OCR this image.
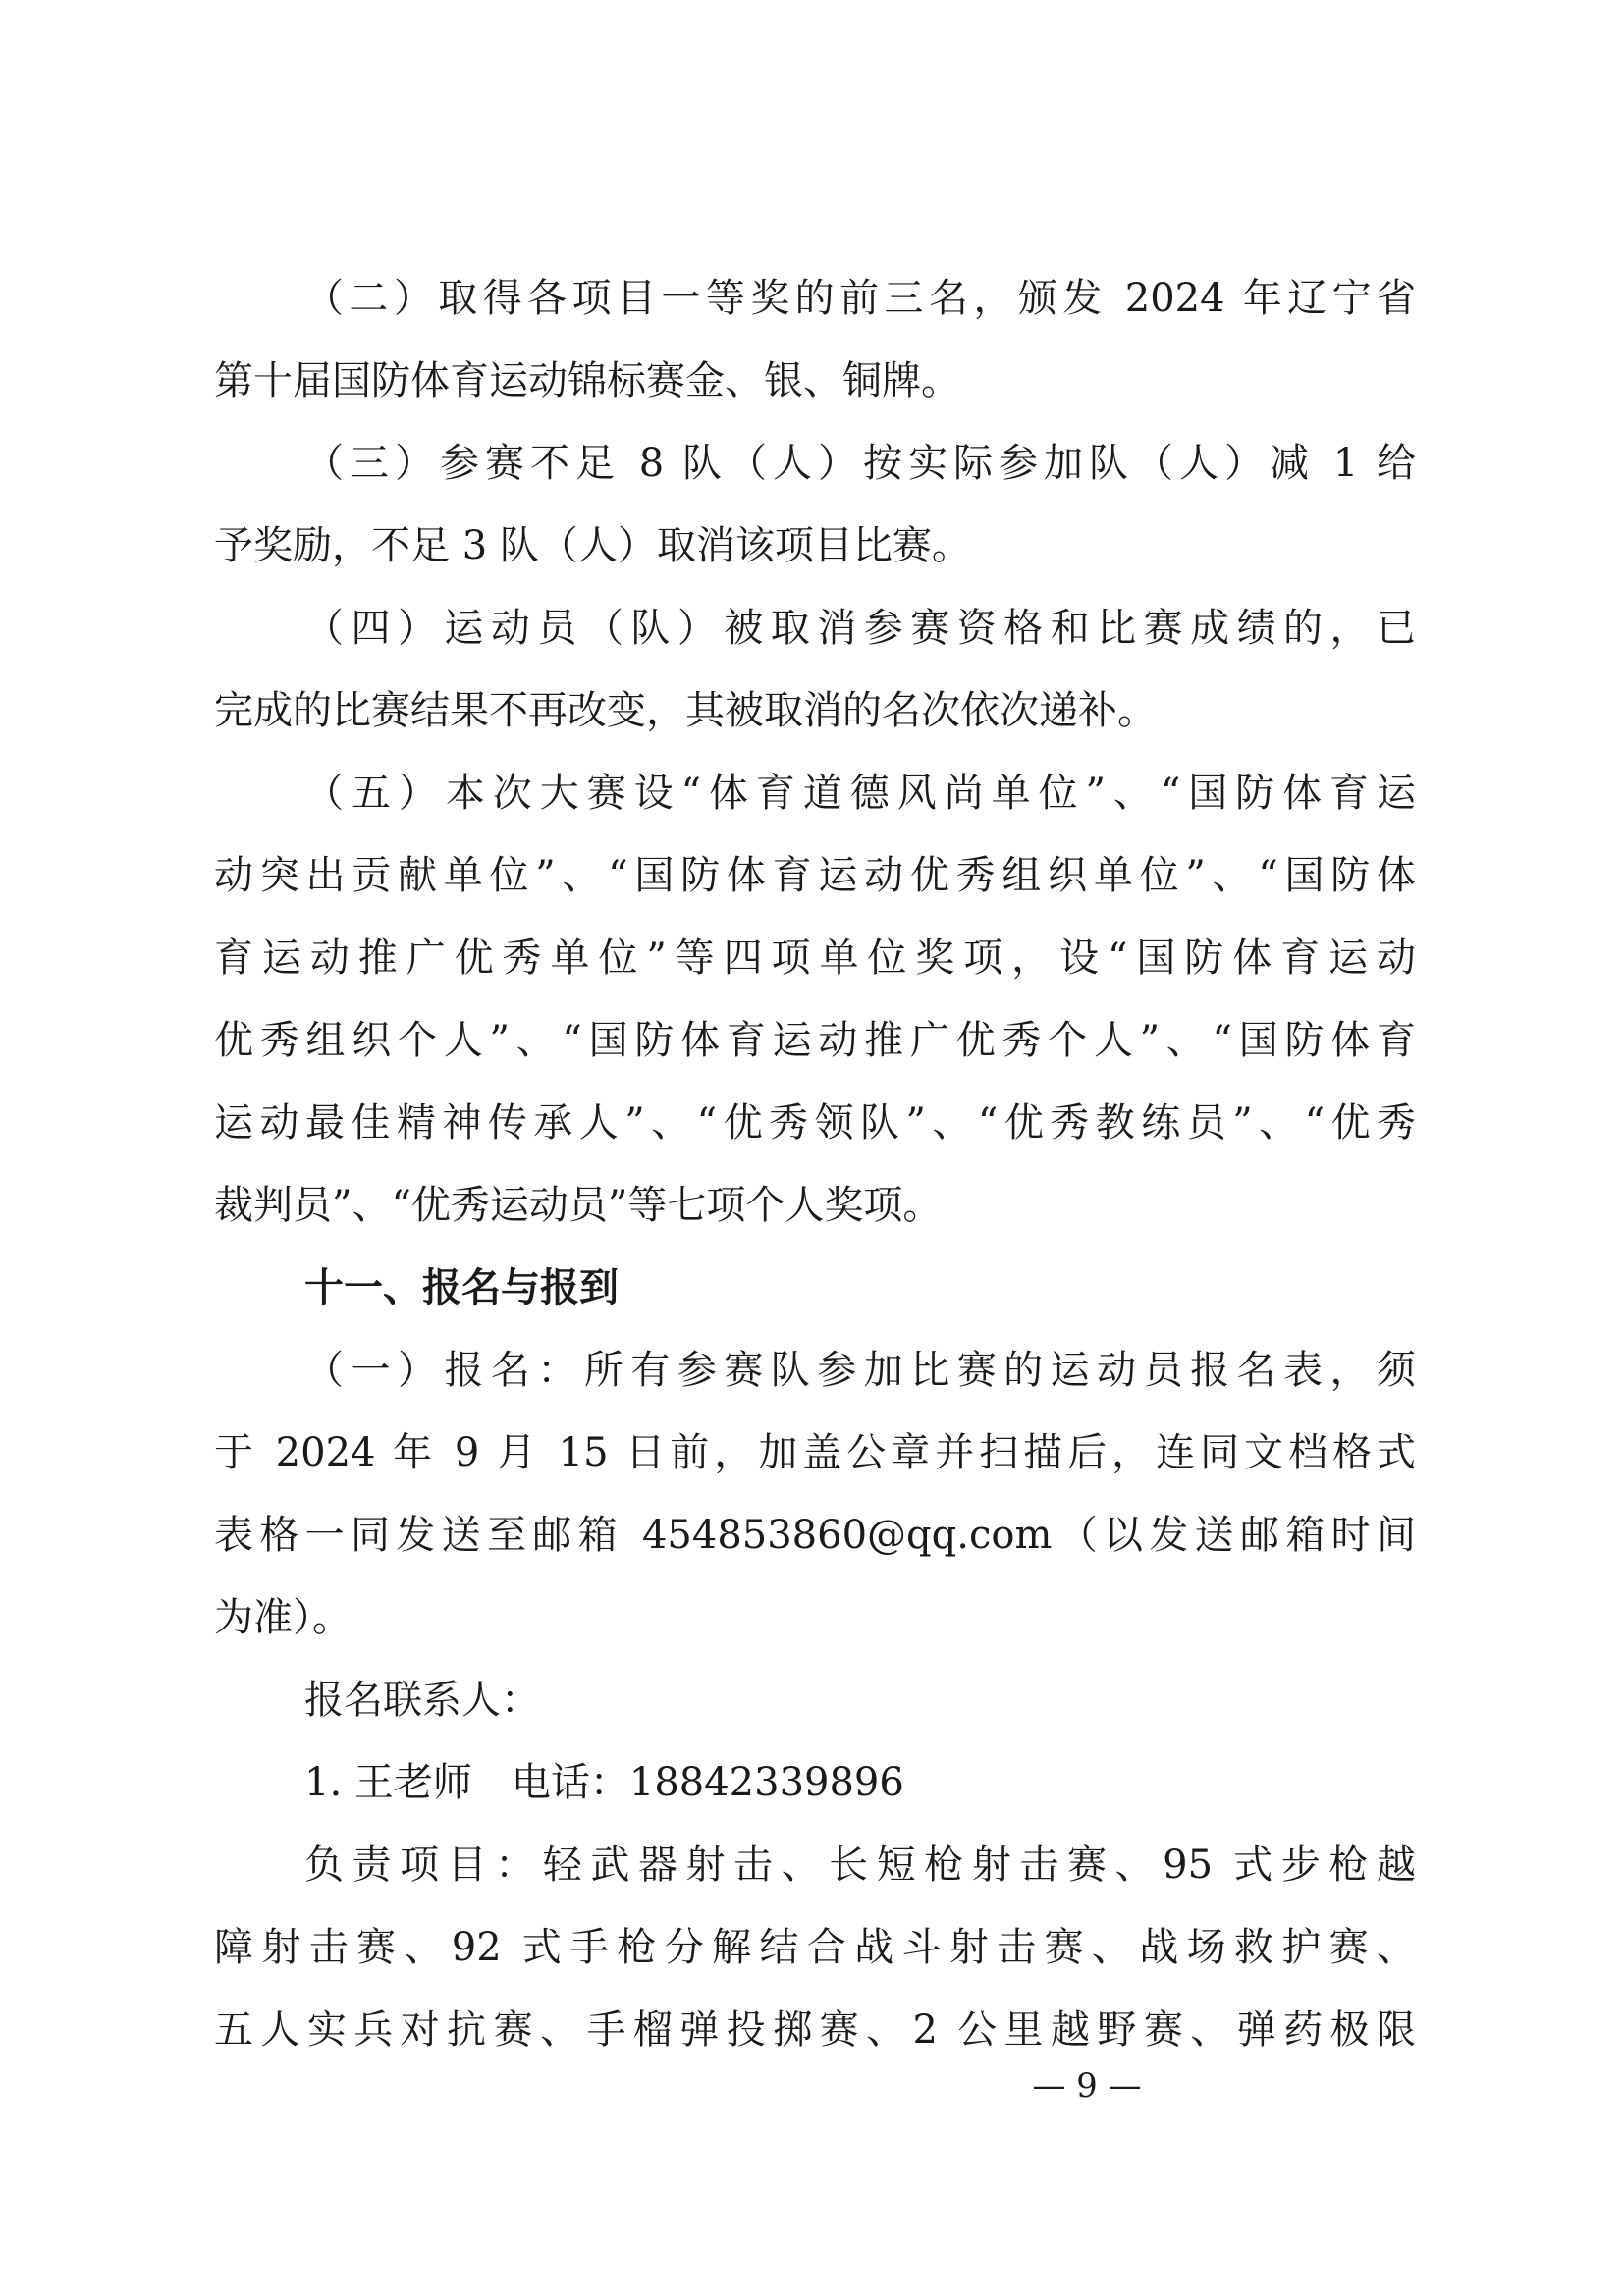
（二）取得各项目一等奖的前三名，颁发 2024 年辽宁省
第十届国防体育运动锦标赛金、银、铜牌。
（三）参赛不足 8 队（人）按实际参加队（人）减 1 给
予奖励，不足 3 队（人）取消该项目比赛。
（四）运动员（队）被取消参赛资格和比赛成绩的，已
完成的比赛结果不再改变，其被取消的名次依次递补。
（五）本次大赛设“体育道德风尚单位”、“国防体育运
动突出贡献单位”、“国防体育运动优秀组织单位”、“国防体
育运动推广优秀单位”等四项单位奖项，设“国防体育运动
优秀组织个人”、“国防体育运动推广优秀个人”、“国防体育
运动最佳精神传承人”、“优秀领队”、“优秀教练员”、“优秀
裁判员”、“优秀运动员”等七项个人奖项。
十一、报名与报到
（一）报名：所有参赛队参加比赛的运动员报名表，须
于 2024 年 9 月 15 日前，加盖公章并扫描后，连同文档格式
表格一同发送至邮箱 454853860@qq.com（以发送邮箱时间
为准）。
报名联系人：
1. 王老师　电话：18842339896
负责项目：轻武器射击、长短枪射击赛、95 式步枪越
障射击赛、92 式手枪分解结合战斗射击赛、战场救护赛、
五人实兵对抗赛、手榴弹投掷赛、2 公里越野赛、弹药极限
— 9 —
